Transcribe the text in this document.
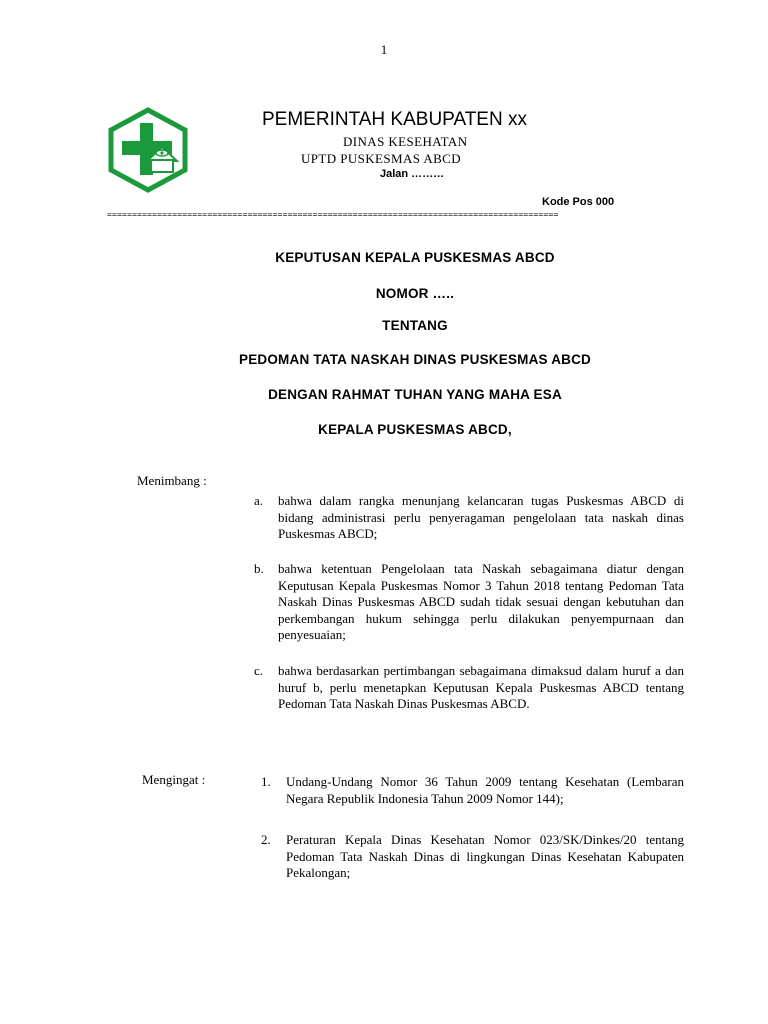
1
PEMERINTAH KABUPATEN xx
DINAS KESEHATAN
UPTD PUSKESMAS ABCD
Jalan ………
Kode Pos 000
==========================================================================================
KEPUTUSAN KEPALA PUSKESMAS ABCD
NOMOR …..
TENTANG
PEDOMAN TATA NASKAH DINAS PUSKESMAS ABCD
DENGAN RAHMAT TUHAN YANG MAHA ESA
KEPALA PUSKESMAS ABCD,
Menimbang :
a. bahwa dalam rangka menunjang kelancaran tugas Puskesmas ABCD di bidang administrasi perlu penyeragaman pengelolaan tata naskah dinas Puskesmas ABCD;
b. bahwa ketentuan Pengelolaan tata Naskah sebagaimana diatur dengan Keputusan Kepala Puskesmas Nomor 3 Tahun 2018 tentang Pedoman Tata Naskah Dinas Puskesmas ABCD sudah tidak sesuai dengan kebutuhan dan perkembangan hukum sehingga perlu dilakukan penyempurnaan dan penyesuaian;
c. bahwa berdasarkan pertimbangan sebagaimana dimaksud dalam huruf a dan huruf b, perlu menetapkan Keputusan Kepala Puskesmas ABCD tentang Pedoman Tata Naskah Dinas Puskesmas ABCD.
Mengingat :	1. Undang-Undang Nomor 36 Tahun 2009 tentang Kesehatan (Lembaran Negara Republik Indonesia Tahun 2009 Nomor 144);
2. Peraturan Kepala Dinas Kesehatan Nomor 023/SK/Dinkes/20 tentang Pedoman Tata Naskah Dinas di lingkungan Dinas Kesehatan Kabupaten Pekalongan;
